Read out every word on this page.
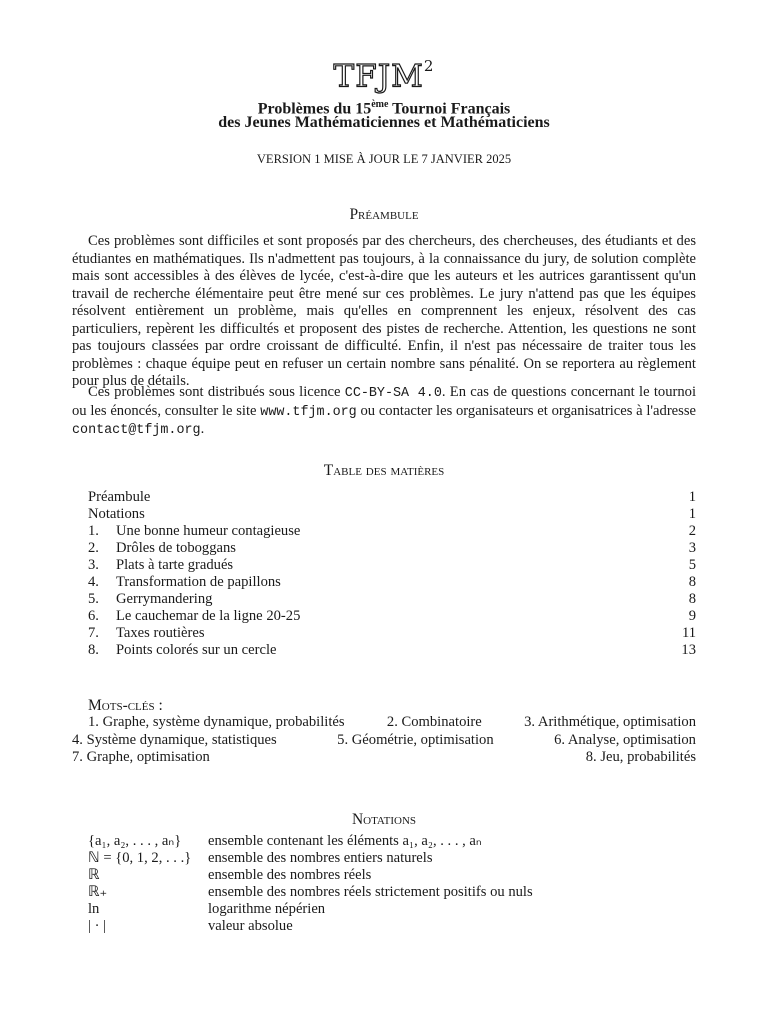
TFJM$^2$
Problèmes du 15ème Tournoi Français
des Jeunes Mathématiciennes et Mathématiciens
VERSION 1 MISE À JOUR LE 7 JANVIER 2025
Préambule
Ces problèmes sont difficiles et sont proposés par des chercheurs, des chercheuses, des étudiants et des étudiantes en mathématiques. Ils n'admettent pas toujours, à la connaissance du jury, de solution complète mais sont accessibles à des élèves de lycée, c'est-à-dire que les auteurs et les autrices garantissent qu'un travail de recherche élémentaire peut être mené sur ces problèmes. Le jury n'attend pas que les équipes résolvent entièrement un problème, mais qu'elles en comprennent les enjeux, résolvent des cas particuliers, repèrent les difficultés et proposent des pistes de recherche. Attention, les questions ne sont pas toujours classées par ordre croissant de difficulté. Enfin, il n'est pas nécessaire de traiter tous les problèmes : chaque équipe peut en refuser un certain nombre sans pénalité. On se reportera au règlement pour plus de détails.
Ces problèmes sont distribués sous licence CC-BY-SA 4.0. En cas de questions concernant le tournoi ou les énoncés, consulter le site www.tfjm.org ou contacter les organisateurs et organisatrices à l'adresse contact@tfjm.org.
Table des matières
Préambule	1
Notations	1
1.	Une bonne humeur contagieuse	2
2.	Drôles de toboggans	3
3.	Plats à tarte gradués	5
4.	Transformation de papillons	8
5.	Gerrymandering	8
6.	Le cauchemar de la ligne 20-25	9
7.	Taxes routières	11
8.	Points colorés sur un cercle	13
Mots-clés :
1. Graphe, système dynamique, probabilités	2. Combinatoire	3. Arithmétique, optimisation
4. Système dynamique, statistiques	5. Géométrie, optimisation	6. Analyse, optimisation
7. Graphe, optimisation	8. Jeu, probabilités
Notations
{a₁, a₂, . . . , aₙ}	ensemble contenant les éléments a₁, a₂, . . . , aₙ
ℕ = {0, 1, 2, . . .}	ensemble des nombres entiers naturels
ℝ	ensemble des nombres réels
ℝ₊	ensemble des nombres réels strictement positifs ou nuls
ln	logarithme népérien
| · |	valeur absolue
